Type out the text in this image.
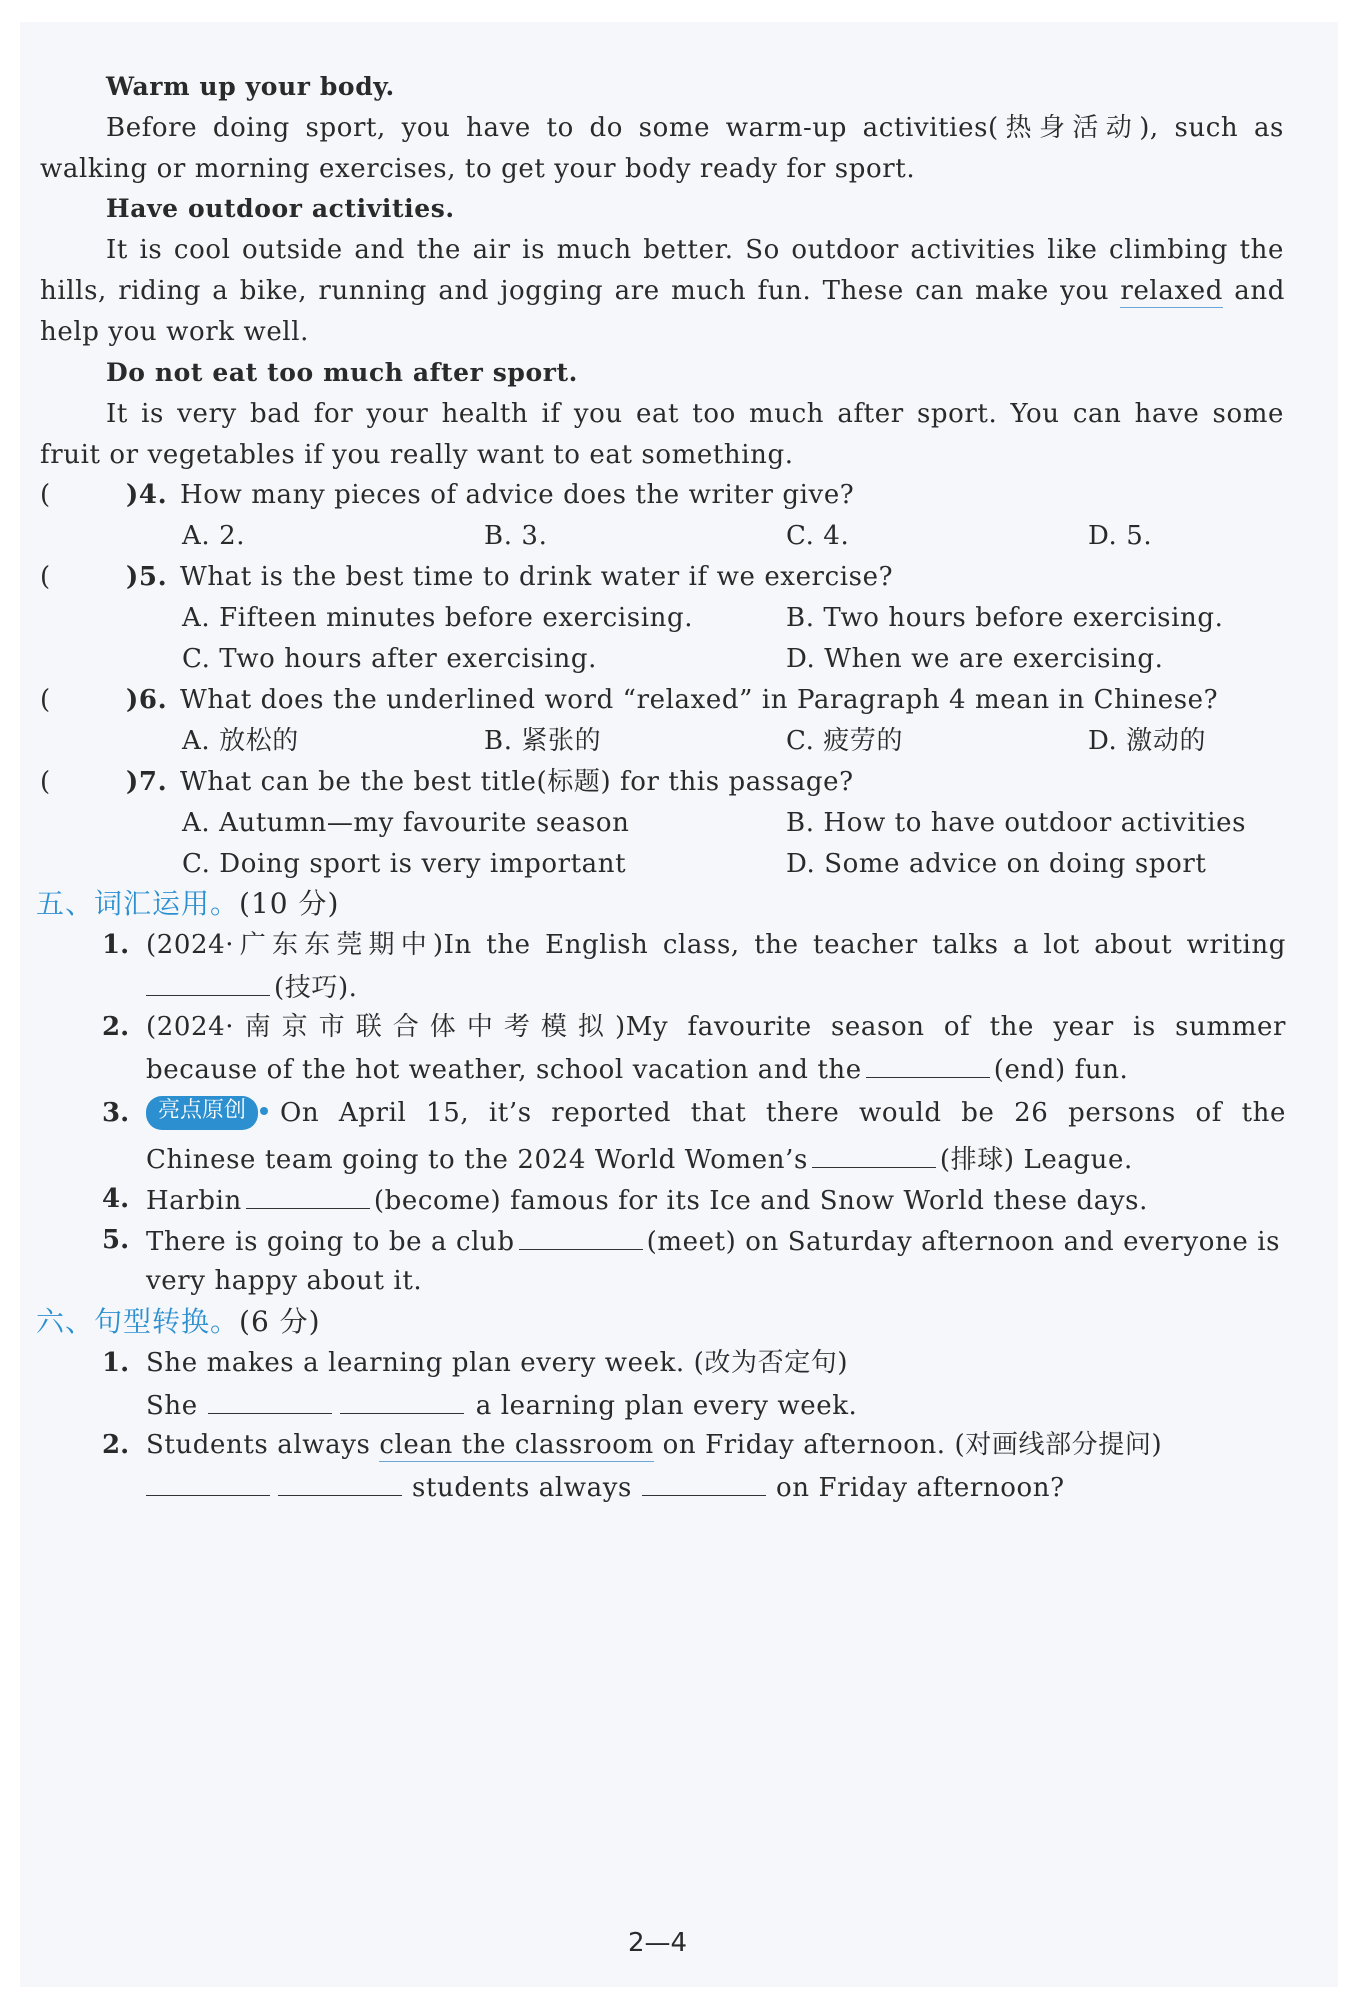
Warm up your body.
Before doing sport, you have to do some warm-up activities(热身活动), such as
walking or morning exercises, to get your body ready for sport.
Have outdoor activities.
It is cool outside and the air is much better. So outdoor activities like climbing the
hills, riding a bike, running and jogging are much fun. These can make you relaxed and
help you work well.
Do not eat too much after sport.
It is very bad for your health if you eat too much after sport. You can have some
fruit or vegetables if you really want to eat something.
(	)4. How many pieces of advice does the writer give?
A. 2.	B. 3.	C. 4.	D. 5.
(	)5. What is the best time to drink water if we exercise?
A. Fifteen minutes before exercising.	B. Two hours before exercising.
C. Two hours after exercising.	D. When we are exercising.
(	)6. What does the underlined word “relaxed” in Paragraph 4 mean in Chinese?
A. 放松的	B. 紧张的	C. 疲劳的	D. 激动的
(	)7. What can be the best title(标题) for this passage?
A. Autumn—my favourite season	B. How to have outdoor activities
C. Doing sport is very important	D. Some advice on doing sport
五、词汇运用。(10 分)
1. (2024·广东东莞期中)In the English class, the teacher talks a lot about writing
(技巧).
2. (2024·南京市联合体中考模拟)My favourite season of the year is summer
because of the hot weather, school vacation and the	(end) fun.
3.	亮点原创	On April 15, it’s reported that there would be 26 persons of the
Chinese team going to the 2024 World Women’s	(排球) League.
4. Harbin	(become) famous for its Ice and Snow World these days.
5. There is going to be a club	(meet) on Saturday afternoon and everyone is
very happy about it.
六、句型转换。(6 分)
1. She makes a learning plan every week. (改为否定句)
She	a learning plan every week.
2. Students always clean the classroom on Friday afternoon. (对画线部分提问)
students always	on Friday afternoon?
2—4
